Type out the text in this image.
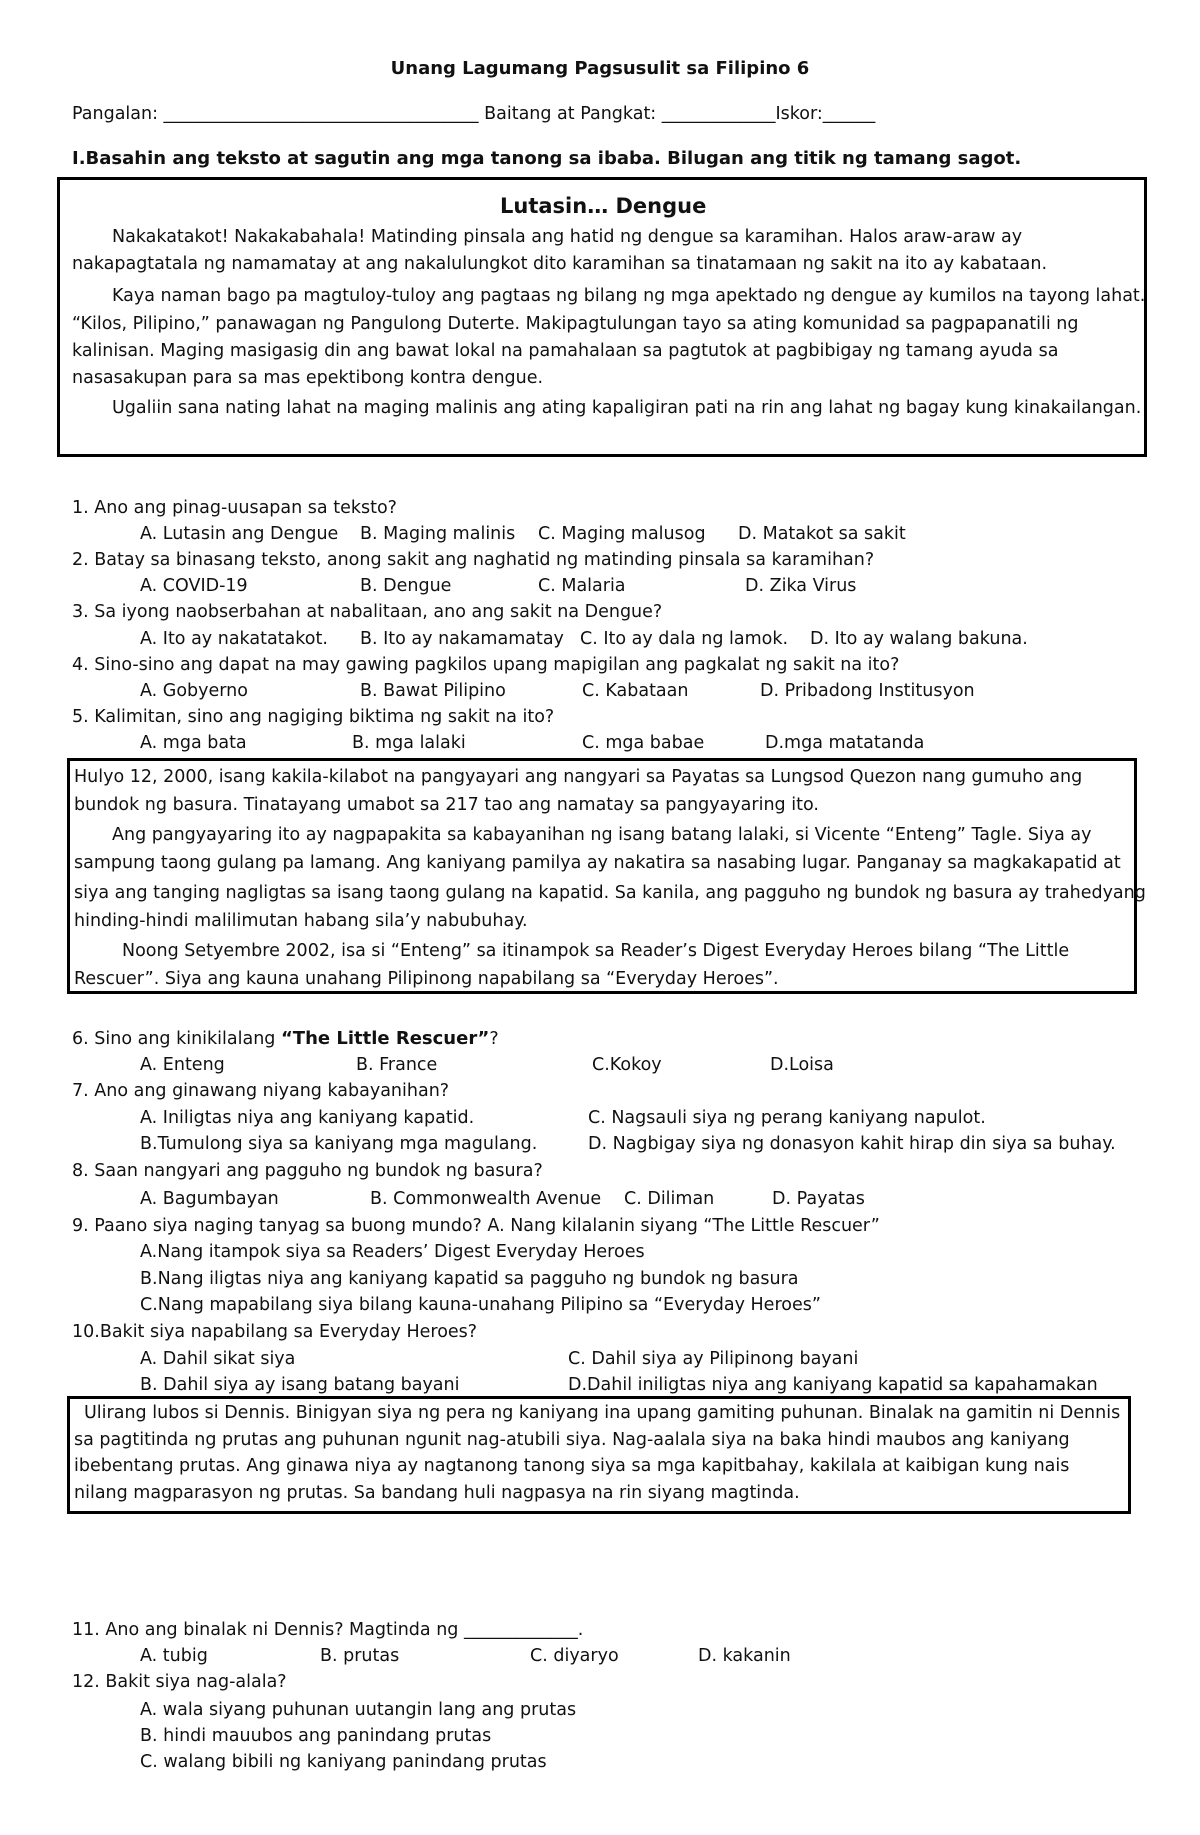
Unang Lagumang Pagsusulit sa Filipino 6
Pangalan: ____________________________________ Baitang at Pangkat: _____________Iskor:______
I.Basahin ang teksto at sagutin ang mga tanong sa ibaba. Bilugan ang titik ng tamang sagot.
Lutasin… Dengue
Nakakatakot! Nakakabahala! Matinding pinsala ang hatid ng dengue sa karamihan. Halos araw-araw ay
nakapagtatala ng namamatay at ang nakalulungkot dito karamihan sa tinatamaan ng sakit na ito ay kabataan.
Kaya naman bago pa magtuloy-tuloy ang pagtaas ng bilang ng mga apektado ng dengue ay kumilos na tayong lahat.
“Kilos, Pilipino,” panawagan ng Pangulong Duterte. Makipagtulungan tayo sa ating komunidad sa pagpapanatili ng
kalinisan. Maging masigasig din ang bawat lokal na pamahalaan sa pagtutok at pagbibigay ng tamang ayuda sa
nasasakupan para sa mas epektibong kontra dengue.
Ugaliin sana nating lahat na maging malinis ang ating kapaligiran pati na rin ang lahat ng bagay kung kinakailangan.
1. Ano ang pinag-uusapan sa teksto?
A. Lutasin ang Dengue B. Maging malinis C. Maging malusog D. Matakot sa sakit
2. Batay sa binasang teksto, anong sakit ang naghatid ng matinding pinsala sa karamihan?
A. COVID-19	B. Dengue	C. Malaria	D. Zika Virus
3. Sa iyong naobserbahan at nabalitaan, ano ang sakit na Dengue?
A. Ito ay nakatatakot. B. Ito ay nakamamatay C. Ito ay dala ng lamok. D. Ito ay walang bakuna.
4. Sino-sino ang dapat na may gawing pagkilos upang mapigilan ang pagkalat ng sakit na ito?
A. Gobyerno	B. Bawat Pilipino	C. Kabataan	D. Pribadong Institusyon
5. Kalimitan, sino ang nagiging biktima ng sakit na ito?
A. mga bata	B. mga lalaki	C. mga babae	D.mga matatanda
Hulyo 12, 2000, isang kakila-kilabot na pangyayari ang nangyari sa Payatas sa Lungsod Quezon nang gumuho ang
bundok ng basura. Tinatayang umabot sa 217 tao ang namatay sa pangyayaring ito.
Ang pangyayaring ito ay nagpapakita sa kabayanihan ng isang batang lalaki, si Vicente “Enteng” Tagle. Siya ay
sampung taong gulang pa lamang. Ang kaniyang pamilya ay nakatira sa nasabing lugar. Panganay sa magkakapatid at
siya ang tanging nagligtas sa isang taong gulang na kapatid. Sa kanila, ang pagguho ng bundok ng basura ay trahedyang
hinding-hindi malilimutan habang sila’y nabubuhay.
Noong Setyembre 2002, isa si “Enteng” sa itinampok sa Reader’s Digest Everyday Heroes bilang “The Little
Rescuer”. Siya ang kauna unahang Pilipinong napabilang sa “Everyday Heroes”.
6. Sino ang kinikilalang “The Little Rescuer”?
A. Enteng	B. France	C.Kokoy	D.Loisa
7. Ano ang ginawang niyang kabayanihan?
A. Iniligtas niya ang kaniyang kapatid.	C. Nagsauli siya ng perang kaniyang napulot.
B.Tumulong siya sa kaniyang mga magulang.	D. Nagbigay siya ng donasyon kahit hirap din siya sa buhay.
8. Saan nangyari ang pagguho ng bundok ng basura?
A. Bagumbayan	B. Commonwealth Avenue C. Diliman	D. Payatas
9. Paano siya naging tanyag sa buong mundo? A. Nang kilalanin siyang “The Little Rescuer”
A.Nang itampok siya sa Readers’ Digest Everyday Heroes
B.Nang iligtas niya ang kaniyang kapatid sa pagguho ng bundok ng basura
C.Nang mapabilang siya bilang kauna-unahang Pilipino sa “Everyday Heroes”
10.Bakit siya napabilang sa Everyday Heroes?
A. Dahil sikat siya	C. Dahil siya ay Pilipinong bayani
B. Dahil siya ay isang batang bayani	D.Dahil iniligtas niya ang kaniyang kapatid sa kapahamakan
Ulirang lubos si Dennis. Binigyan siya ng pera ng kaniyang ina upang gamiting puhunan. Binalak na gamitin ni Dennis
sa pagtitinda ng prutas ang puhunan ngunit nag-atubili siya. Nag-aalala siya na baka hindi maubos ang kaniyang
ibebentang prutas. Ang ginawa niya ay nagtanong tanong siya sa mga kapitbahay, kakilala at kaibigan kung nais
nilang magparasyon ng prutas. Sa bandang huli nagpasya na rin siyang magtinda.
11. Ano ang binalak ni Dennis? Magtinda ng _____________.
A. tubig	B. prutas	C. diyaryo	D. kakanin
12. Bakit siya nag-alala?
A. wala siyang puhunan uutangin lang ang prutas
B. hindi mauubos ang panindang prutas
C. walang bibili ng kaniyang panindang prutas
